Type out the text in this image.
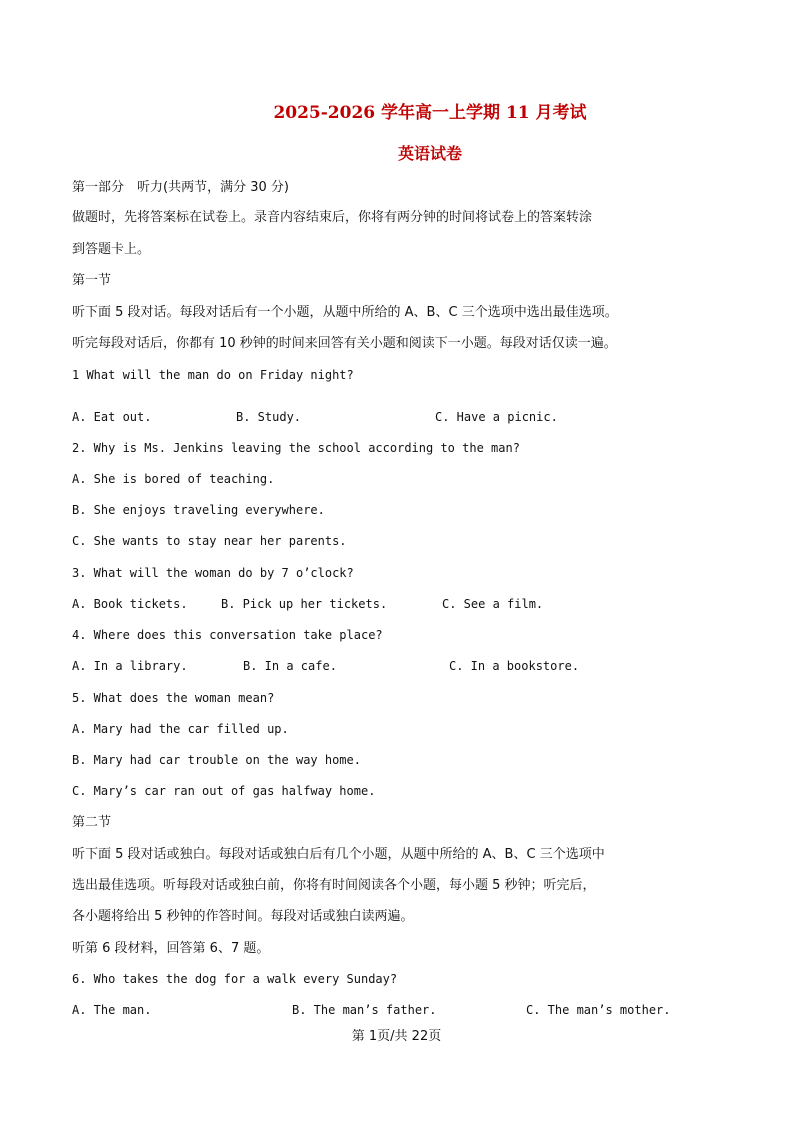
2025-2026 学年高一上学期 11 月考试
英语试卷
第一部分　听力(共两节，满分 30 分)
做题时，先将答案标在试卷上。录音内容结束后，你将有两分钟的时间将试卷上的答案转涂
到答题卡上。
第一节
听下面 5 段对话。每段对话后有一个小题，从题中所给的 A、B、C 三个选项中选出最佳选项。
听完每段对话后，你都有 10 秒钟的时间来回答有关小题和阅读下一小题。每段对话仅读一遍。
1 What will the man do on Friday night?
A. Eat out.	B. Study.	C. Have a picnic.
2. Why is Ms. Jenkins leaving the school according to the man?
A. She is bored of teaching.
B. She enjoys traveling everywhere.
C. She wants to stay near her parents.
3. What will the woman do by 7 o’clock?
A. Book tickets.	B. Pick up her tickets.	C. See a film.
4. Where does this conversation take place?
A. In a library.	B. In a cafe.	C. In a bookstore.
5. What does the woman mean?
A. Mary had the car filled up.
B. Mary had car trouble on the way home.
C. Mary’s car ran out of gas halfway home.
第二节
听下面 5 段对话或独白。每段对话或独白后有几个小题，从题中所给的 A、B、C 三个选项中
选出最佳选项。听每段对话或独白前，你将有时间阅读各个小题，每小题 5 秒钟；听完后，
各小题将给出 5 秒钟的作答时间。每段对话或独白读两遍。
听第 6 段材料，回答第 6、7 题。
6. Who takes the dog for a walk every Sunday?
A. The man.	B. The man’s father.	C. The man’s mother.
第 1页/共 22页
